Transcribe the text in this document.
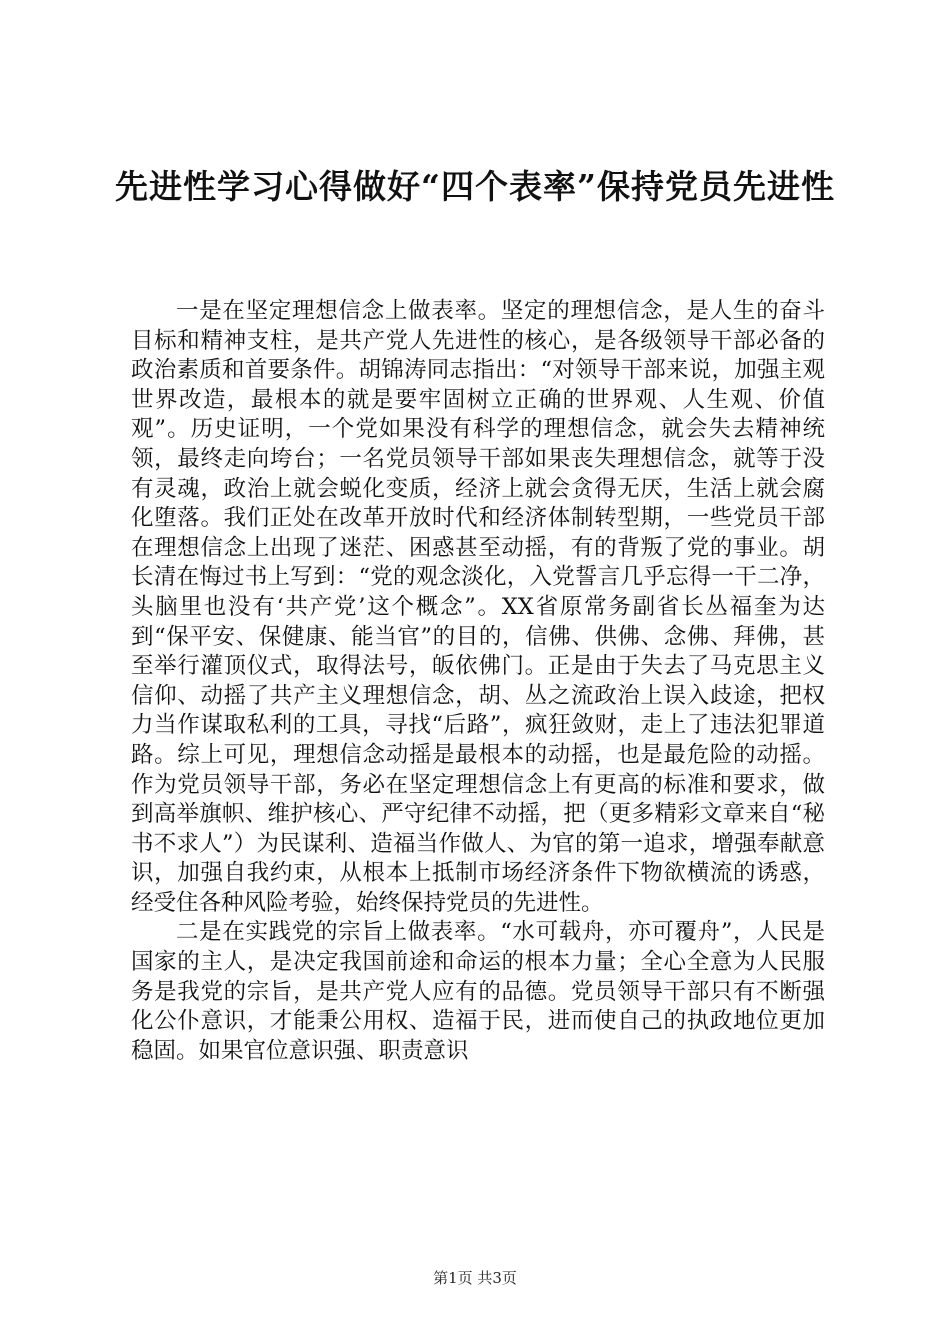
先进性学习心得做好“四个表率”保持党员先进性

一是在坚定理想信念上做表率。坚定的理想信念，是人生的奋斗目标和精神支柱，是共产党人先进性的核心，是各级领导干部必备的政治素质和首要条件。胡锦涛同志指出：“对领导干部来说，加强主观世界改造，最根本的就是要牢固树立正确的世界观、人生观、价值观”。历史证明，一个党如果没有科学的理想信念，就会失去精神统领，最终走向垮台；一名党员领导干部如果丧失理想信念，就等于没有灵魂，政治上就会蜕化变质，经济上就会贪得无厌，生活上就会腐化堕落。我们正处在改革开放时代和经济体制转型期，一些党员干部在理想信念上出现了迷茫、困惑甚至动摇，有的背叛了党的事业。胡长清在悔过书上写到：“党的观念淡化，入党誓言几乎忘得一干二净，头脑里也没有‘共产党’这个概念”。XX省原常务副省长丛福奎为达到“保平安、保健康、能当官”的目的，信佛、供佛、念佛、拜佛，甚至举行灌顶仪式，取得法号，皈依佛门。正是由于失去了马克思主义信仰、动摇了共产主义理想信念，胡、丛之流政治上误入歧途，把权力当作谋取私利的工具，寻找“后路”，疯狂敛财，走上了违法犯罪道路。综上可见，理想信念动摇是最根本的动摇，也是最危险的动摇。作为党员领导干部，务必在坚定理想信念上有更高的标准和要求，做到高举旗帜、维护核心、严守纪律不动摇，把（更多精彩文章来自“秘书不求人”）为民谋利、造福当作做人、为官的第一追求，增强奉献意识，加强自我约束，从根本上抵制市场经济条件下物欲横流的诱惑，经受住各种风险考验，始终保持党员的先进性。

二是在实践党的宗旨上做表率。“水可载舟，亦可覆舟”，人民是国家的主人，是决定我国前途和命运的根本力量；全心全意为人民服务是我党的宗旨，是共产党人应有的品德。党员领导干部只有不断强化公仆意识，才能秉公用权、造福于民，进而使自己的执政地位更加稳固。如果官位意识强、职责意识

第1页 共3页
